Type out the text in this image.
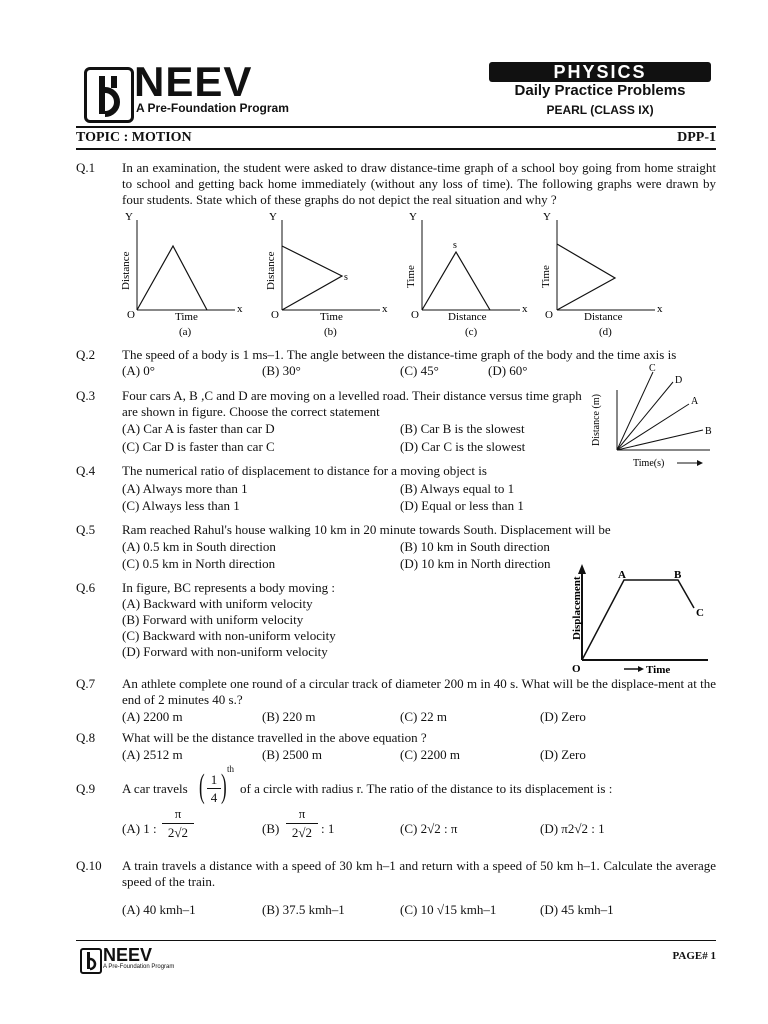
NEEV
A Pre-Foundation Program
PHYSICS
Daily Practice Problems
PEARL (CLASS IX)
TOPIC : MOTION	DPP-1
Q.1 In an examination, the student were asked to draw distance-time graph of a school boy going from home straight to school and getting back home immediately (without any loss of time). The following graphs were drawn by four students. State which of these graphs do not depict the real situation and why ?
Y
x
O
Distance
Time
(a)
Y
x
O
s
Distance
Time
(b)
Y
x
O
s
Time
Distance
(c)
Y
x
O
Time
Distance
(d)
Q.2 The speed of a body is 1 ms–1. The angle between the distance-time graph of the body and the time axis is
(A) 0°	(B) 30°	(C) 45°	(D) 60°
Q.3 Four cars A, B ,C and D are moving on a levelled road. Their distance versus time graph are shown in figure. Choose the correct statement
(A) Car A is faster than car D	(B) Car B is the slowest
(C) Car D is faster than car C	(D) Car C is the slowest
C
D
A
B
Distance (m)
Time(s)
Q.4 The numerical ratio of displacement to distance for a moving object is
(A) Always more than 1	(B) Always equal to 1
(C) Always less than 1	(D) Equal or less than 1
Q.5 Ram reached Rahul's house walking 10 km in 20 minute towards South. Displacement will be
(A) 0.5 km in South direction	(B) 10 km in South direction
(C) 0.5 km in North direction	(D) 10 km in North direction
Q.6 In figure, BC represents a body moving :
(A) Backward with uniform velocity
(B) Forward with uniform velocity
(C) Backward with non-uniform velocity
(D) Forward with non-uniform velocity
A	B
C
O
Displacement
Time
Q.7 An athlete complete one round of a circular track of diameter 200 m in 40 s. What will be the displace-ment at the end of 2 minutes 40 s.?
(A) 2200 m	(B) 220 m	(C) 22 m	(D) Zero
Q.8 What will be the distance travelled in the above equation ?
(A) 2512 m	(B) 2500 m	(C) 2200 m	(D) Zero
Q.9 A car travels ( 1
4 ) th
of a circle with radius r. The ratio of the distance to its displacement is :
(A) 1 :
π
2√2	(B)
π
2√2 : 1	(C) 2√2 : π	(D) π2√2 : 1
Q.10 A train travels a distance with a speed of 30 km h–1 and return with a speed of 50 km h–1. Calculate the average speed of the train.
(A) 40 kmh–1	(B) 37.5 kmh–1	(C) 10 √15 kmh–1	(D) 45 kmh–1
NEEV
A Pre-Foundation Program
PAGE# 1
